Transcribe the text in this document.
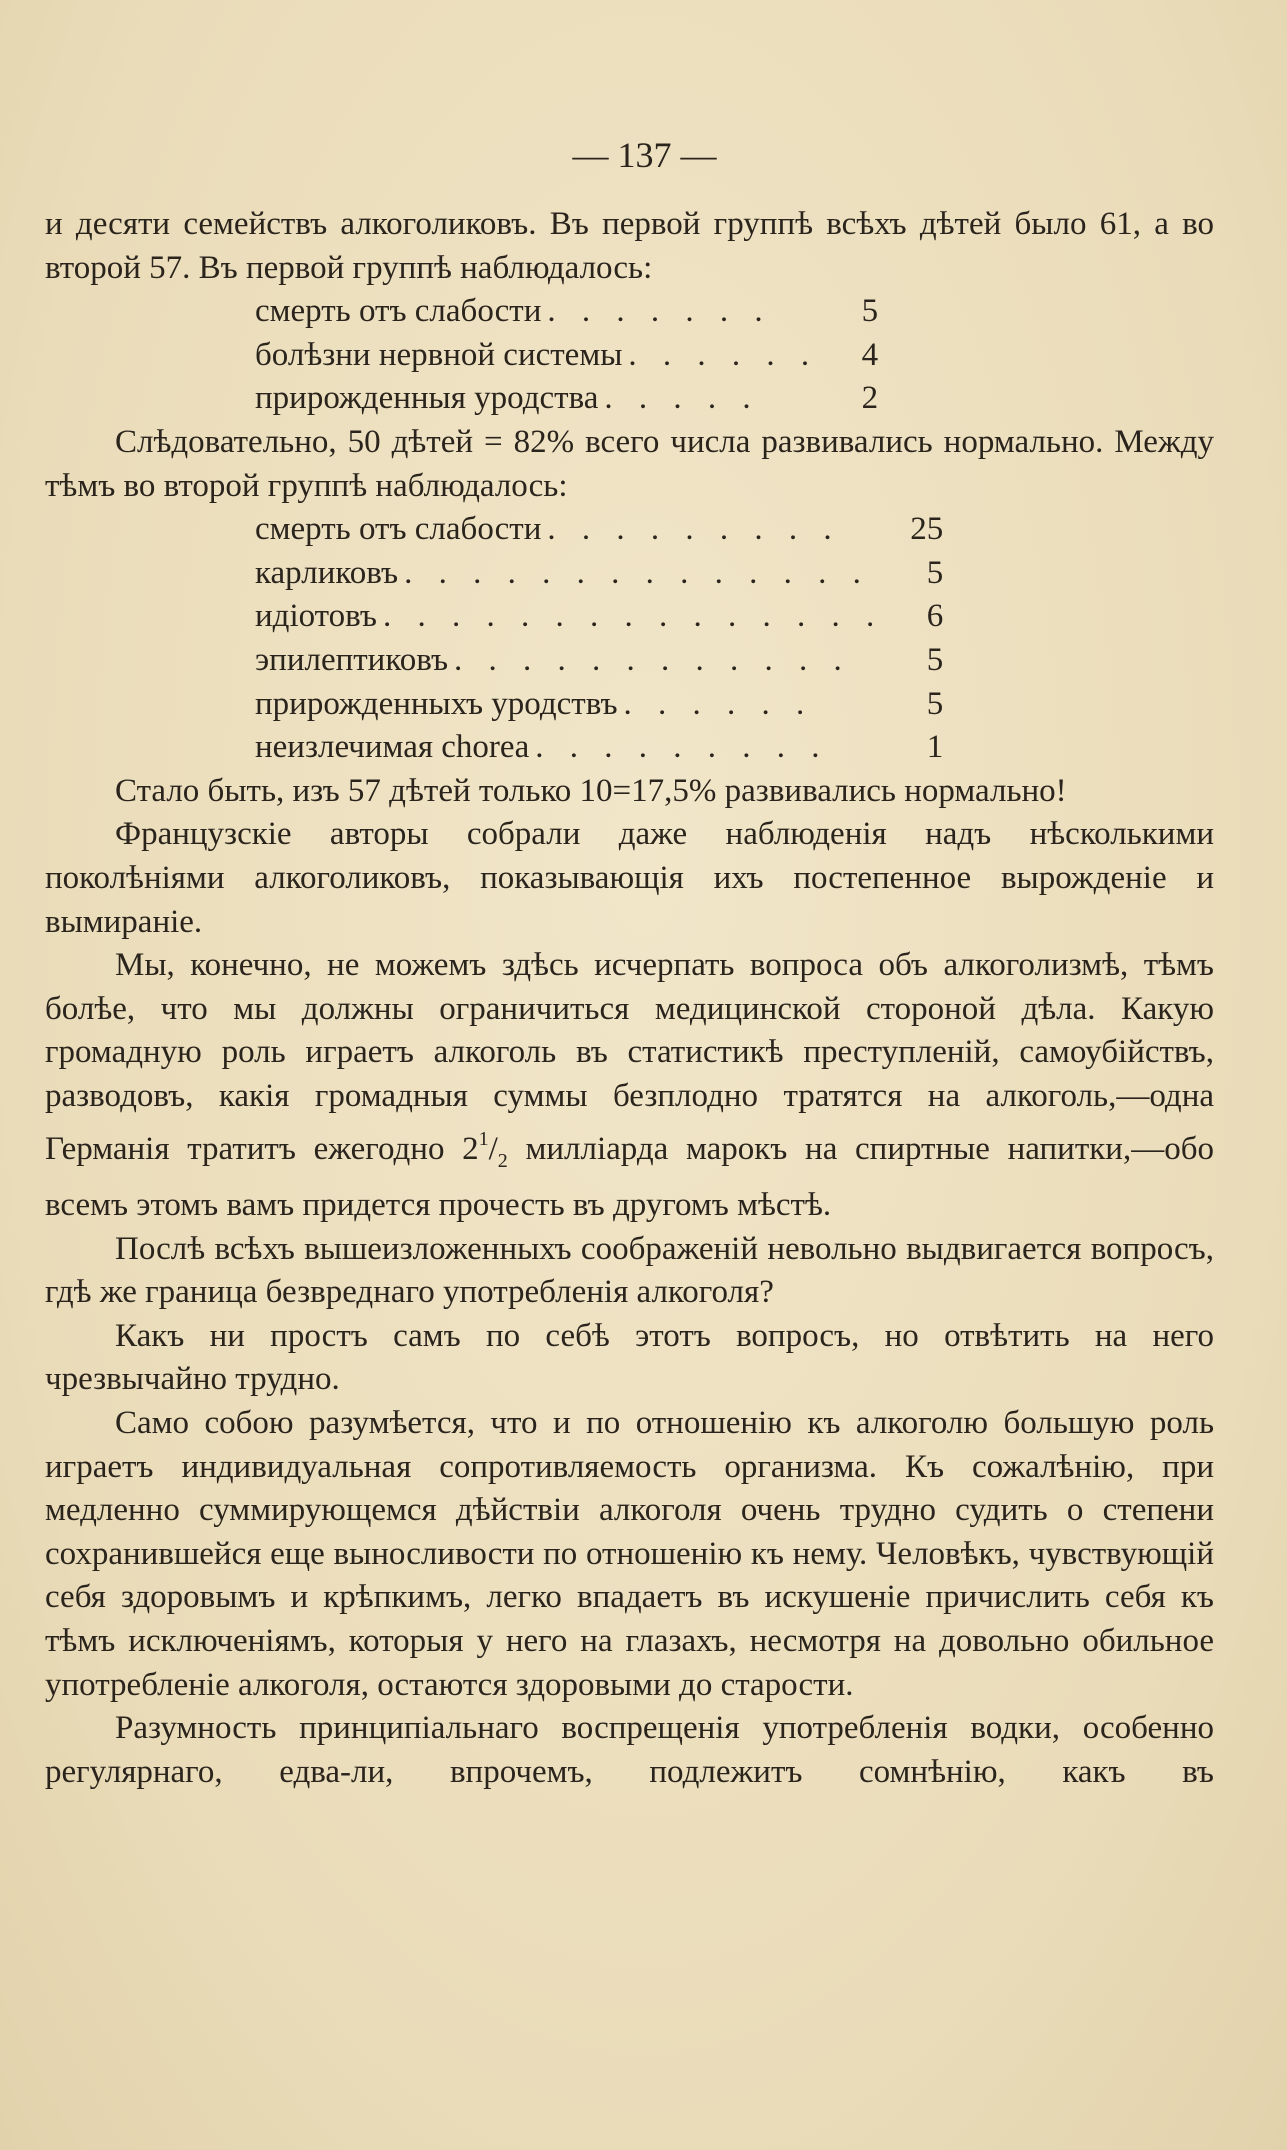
— 137 —

и десяти семействъ алкоголиковъ. Въ первой группѣ всѣхъ дѣтей было 61, а во второй 57. Въ первой группѣ наблюдалось:

смерть отъ слабости . . . . . . .	5
болѣзни нервной системы . . . . . .	4
прирожденныя уродства . . . . .	2

Слѣдовательно, 50 дѣтей = 82% всего числа развивались нормально. Между тѣмъ во второй группѣ наблюдалось:

смерть отъ слабости . . . . . . . . .	25
карликовъ . . . . . . . . . . . . . .	5
идіотовъ . . . . . . . . . . . . . . .	6
эпилептиковъ . . . . . . . . . . . .	5
прирожденныхъ уродствъ . . . . . .	5
неизлечимая сhorea . . . . . . . . .	1

Стало быть, изъ 57 дѣтей только 10=17,5% развивались нормально!

Французскіе авторы собрали даже наблюденія надъ нѣсколькими поколѣніями алкоголиковъ, показывающія ихъ постепенное вырожденіе и вымираніе.

Мы, конечно, не можемъ здѣсь исчерпать вопроса объ алкоголизмѣ, тѣмъ болѣе, что мы должны ограничиться медицинской стороной дѣла. Какую громадную роль играетъ алкоголь въ статистикѣ преступленій, самоубійствъ, разводовъ, какія громадныя суммы безплодно тратятся на алкоголь,—одна Германія тратитъ ежегодно $2^1/_2$ милліарда марокъ на спиртные напитки,—обо всемъ этомъ вамъ придется прочесть въ другомъ мѣстѣ.

Послѣ всѣхъ вышеизложенныхъ соображеній невольно выдвигается вопросъ, гдѣ же граница безвреднаго употребленія алкоголя?

Какъ ни простъ самъ по себѣ этотъ вопросъ, но отвѣтить на него чрезвычайно трудно.

Само собою разумѣется, что и по отношенію къ алкоголю большую роль играетъ индивидуальная сопротивляемость организма. Къ сожалѣнію, при медленно суммирующемся дѣйствіи алкоголя очень трудно судить о степени сохранившейся еще выносливости по отношенію къ нему. Человѣкъ, чувствующій себя здоровымъ и крѣпкимъ, легко впадаетъ въ искушеніе причислить себя къ тѣмъ исключеніямъ, которыя у него на глазахъ, несмотря на довольно обильное употребленіе алкоголя, остаются здоровыми до старости.

Разумность принципіальнаго воспрещенія употребленія водки, особенно регулярнаго, едва-ли, впрочемъ, подлежитъ сомнѣнію, какъ въ
